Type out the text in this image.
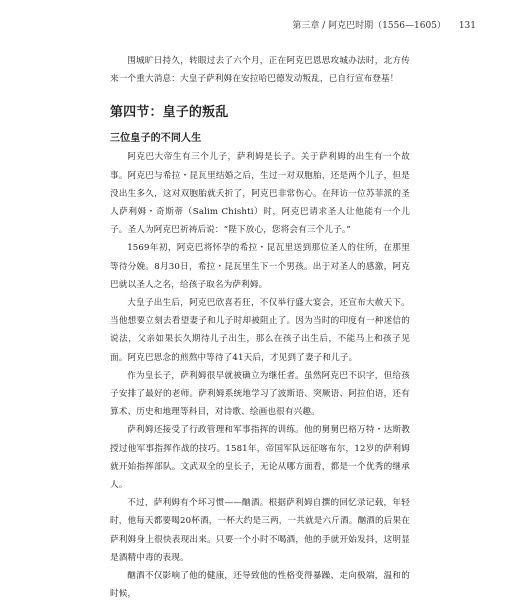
第三章 / 阿克巴时期（1556—1605） 131

围城旷日持久，转眼过去了六个月，正在阿克巴恩思攻城办法时，北方传来一个重大消息：大皇子萨利姆在安拉哈巴德发动叛乱，已自行宣布登基！

第四节：皇子的叛乱
三位皇子的不同人生

阿克巴大帝生有三个儿子，萨利姆是长子。关于萨利姆的出生有一个故事。阿克巴与希拉・昆瓦里结婚之后，生过一对双胞胎，还是两个儿子，但是没出生多久，这对双胞胎就夭折了，阿克巴非常伤心。在拜访一位苏菲派的圣人萨利姆・奇斯蒂（Salim Chishti）时，阿克巴请求圣人让他能有一个儿子。圣人为阿克巴祈祷后说：“陛下放心，您将会有三个儿子。”

1569年初，阿克巴将怀孕的希拉・昆瓦里送到那位圣人的住所，在那里等待分娩。8月30日，希拉・昆瓦里生下一个男孩。出于对圣人的感激，阿克巴就以圣人之名，给孩子取名为萨利姆。

大皇子出生后，阿克巴欣喜若狂，不仅举行盛大宴会，还宣布大赦天下。当他想要立刻去看望妻子和儿子时却被阻止了。因为当时的印度有一种迷信的说法，父亲如果长久期待儿子出生，那么在孩子出生后，不能马上和孩子见面。阿克巴思念的煎熬中等待了41天后，才见到了妻子和儿子。

作为皇长子，萨利姆很早就被确立为继任者。虽然阿克巴不识字，但给孩子安排了最好的老师。萨利姆系统地学习了波斯语、突厥语、阿拉伯语，还有算术、历史和地理等科目，对诗歌、绘画也很有兴趣。

萨利姆还接受了行政管理和军事指挥的训练。他的舅舅巴格万特・达斯教授过他军事指挥作战的技巧。1581年，帝国军队远征喀布尔，12岁的萨利姆就开始指挥部队。文武双全的皇长子，无论从哪方面看，都是一个优秀的继承人。

不过，萨利姆有个坏习惯——酗酒。根据萨利姆自撰的回忆录记载，年轻时，他每天都要喝20杯酒，一杯大约是三两，一共就是六斤酒。酗酒的后果在萨利姆身上很快表现出来。只要一个小时不喝酒，他的手就开始发抖，这明显是酒精中毒的表现。

酗酒不仅影响了他的健康，还导致他的性格变得暴躁、走向极端，温和的时候，
